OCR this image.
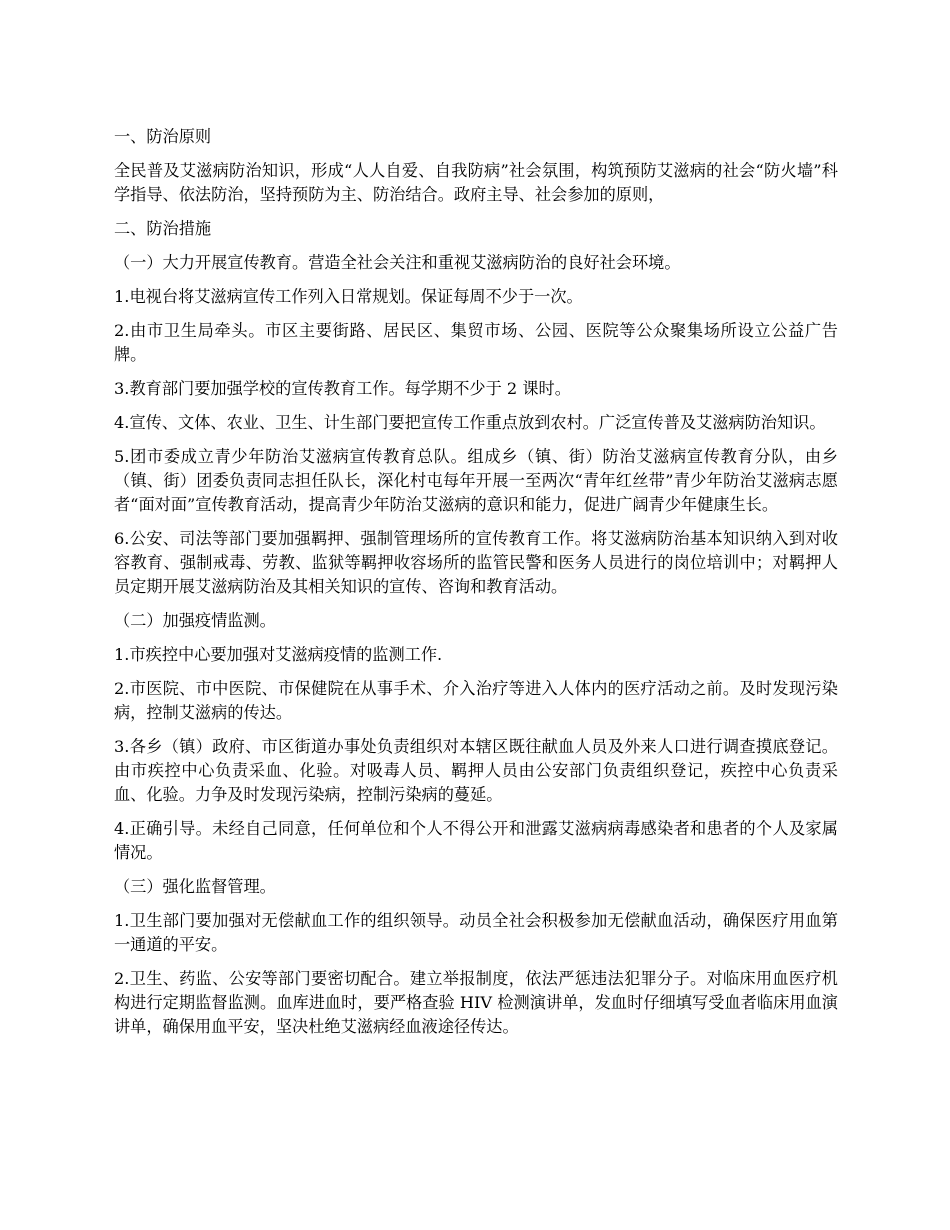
一、防治原则

全民普及艾滋病防治知识，形成“人人自爱、自我防病”社会氛围，构筑预防艾滋病的社会“防火墙”科学指导、依法防治，坚持预防为主、防治结合。政府主导、社会参加的原则，

二、防治措施

（一）大力开展宣传教育。营造全社会关注和重视艾滋病防治的良好社会环境。

1.电视台将艾滋病宣传工作列入日常规划。保证每周不少于一次。

2.由市卫生局牵头。市区主要街路、居民区、集贸市场、公园、医院等公众聚集场所设立公益广告牌。

3.教育部门要加强学校的宣传教育工作。每学期不少于 2 课时。

4.宣传、文体、农业、卫生、计生部门要把宣传工作重点放到农村。广泛宣传普及艾滋病防治知识。

5.团市委成立青少年防治艾滋病宣传教育总队。组成乡（镇、街）防治艾滋病宣传教育分队，由乡（镇、街）团委负责同志担任队长，深化村屯每年开展一至两次“青年红丝带”青少年防治艾滋病志愿者“面对面”宣传教育活动，提高青少年防治艾滋病的意识和能力，促进广阔青少年健康生长。

6.公安、司法等部门要加强羁押、强制管理场所的宣传教育工作。将艾滋病防治基本知识纳入到对收容教育、强制戒毒、劳教、监狱等羁押收容场所的监管民警和医务人员进行的岗位培训中；对羁押人员定期开展艾滋病防治及其相关知识的宣传、咨询和教育活动。

（二）加强疫情监测。

1.市疾控中心要加强对艾滋病疫情的监测工作.

2.市医院、市中医院、市保健院在从事手术、介入治疗等进入人体内的医疗活动之前。及时发现污染病，控制艾滋病的传达。

3.各乡（镇）政府、市区街道办事处负责组织对本辖区既往献血人员及外来人口进行调查摸底登记。由市疾控中心负责采血、化验。对吸毒人员、羁押人员由公安部门负责组织登记，疾控中心负责采血、化验。力争及时发现污染病，控制污染病的蔓延。

4.正确引导。未经自己同意，任何单位和个人不得公开和泄露艾滋病病毒感染者和患者的个人及家属情况。

（三）强化监督管理。

1.卫生部门要加强对无偿献血工作的组织领导。动员全社会积极参加无偿献血活动，确保医疗用血第一通道的平安。

2.卫生、药监、公安等部门要密切配合。建立举报制度，依法严惩违法犯罪分子。对临床用血医疗机构进行定期监督监测。血库进血时，要严格查验 HIV 检测演讲单，发血时仔细填写受血者临床用血演讲单，确保用血平安，坚决杜绝艾滋病经血液途径传达。
